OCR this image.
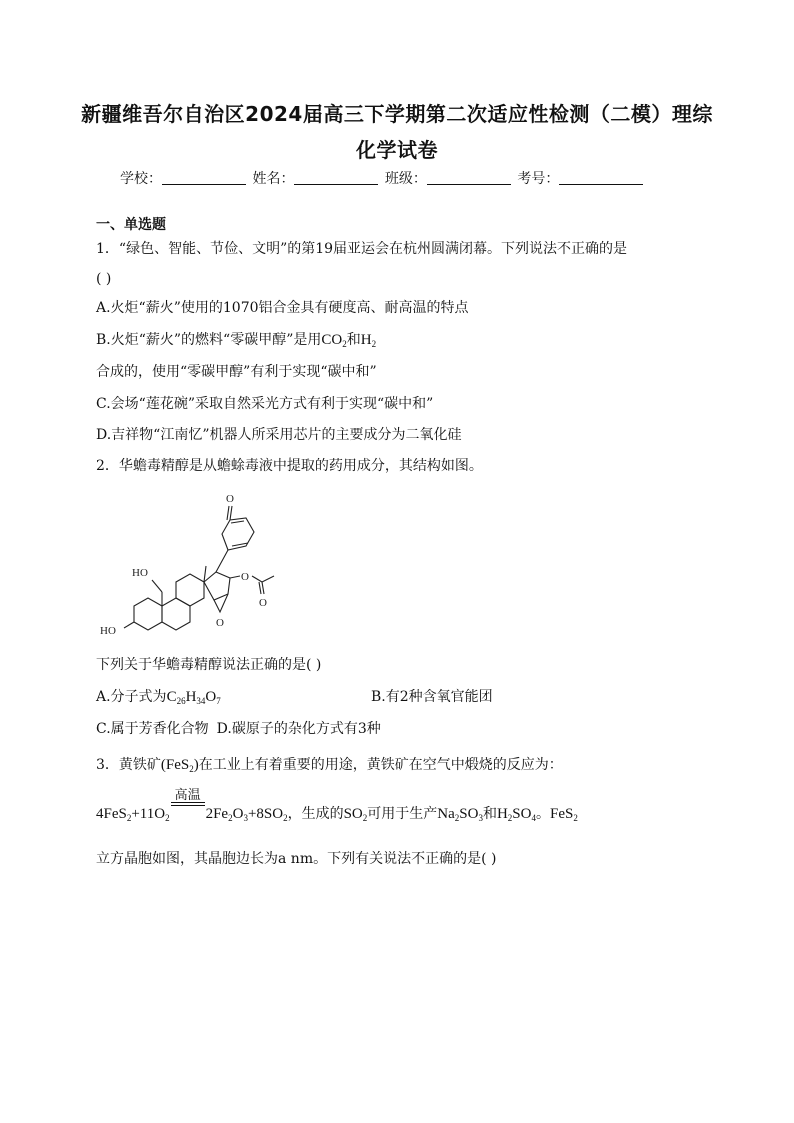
新疆维吾尔自治区2024届高三下学期第二次适应性检测（二模）理综
化学试卷
学校：	姓名：	班级：	考号：
一、单选题
1．“绿色、智能、节俭、文明”的第19届亚运会在杭州圆满闭幕。下列说法不正确的是
( )
A.火炬“薪火”使用的1070铝合金具有硬度高、耐高温的特点
B.火炬“薪火”的燃料“零碳甲醇”是用$CO_2$和$H_2$
合成的，使用“零碳甲醇”有利于实现“碳中和”
C.会场“莲花碗”采取自然采光方式有利于实现“碳中和”
D.吉祥物“江南忆”机器人所采用芯片的主要成分为二氧化硅
2．华蟾毒精醇是从蟾蜍毒液中提取的药用成分，其结构如图。
O
HO
HO
O
O
O
下列关于华蟾毒精醇说法正确的是( )
A.分子式为$C_{26}H_{34}O_7$	B.有2种含氧官能团
C.属于芳香化合物 D.碳原子的杂化方式有3种
3．黄铁矿(FeS$_2$)在工业上有着重要的用途，黄铁矿在空气中煅烧的反应为：
$4FeS_2+11O_2$
高温
$2Fe_2O_3+8SO_2$，生成的$SO_2$可用于生产$Na_2SO_3$和$H_2SO_4$。FeS$_2$
立方晶胞如图，其晶胞边长为a nm。下列有关说法不正确的是( )
